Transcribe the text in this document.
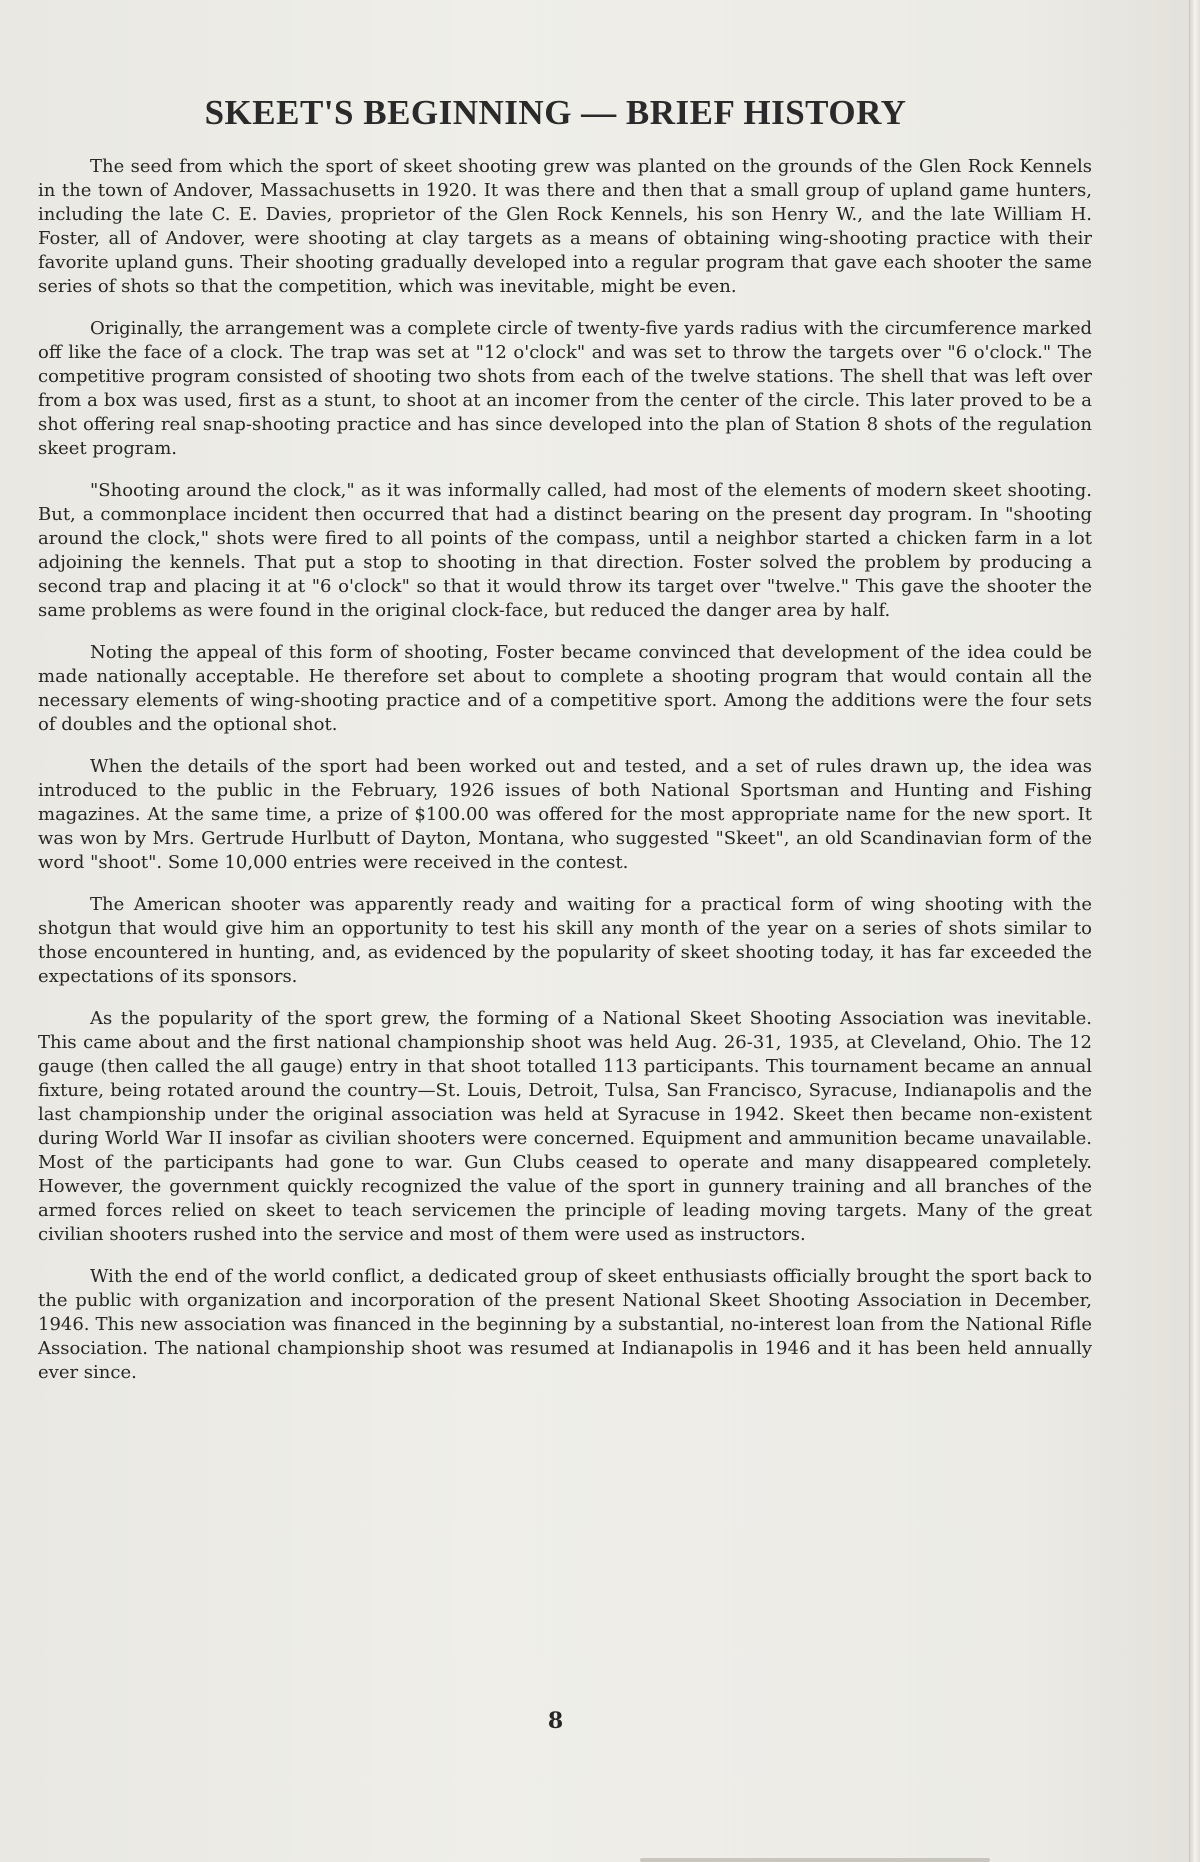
SKEET'S BEGINNING — BRIEF HISTORY

The seed from which the sport of skeet shooting grew was planted on the grounds of the Glen Rock Kennels in the town of Andover, Massachusetts in 1920. It was there and then that a small group of upland game hunters, including the late C. E. Davies, proprietor of the Glen Rock Kennels, his son Henry W., and the late William H. Foster, all of Andover, were shooting at clay targets as a means of obtaining wing-shooting practice with their favorite upland guns. Their shooting gradually developed into a regular program that gave each shooter the same series of shots so that the competition, which was inevitable, might be even.

Originally, the arrangement was a complete circle of twenty-five yards radius with the circumference marked off like the face of a clock. The trap was set at "12 o'clock" and was set to throw the targets over "6 o'clock." The competitive program consisted of shooting two shots from each of the twelve stations. The shell that was left over from a box was used, first as a stunt, to shoot at an incomer from the center of the circle. This later proved to be a shot offering real snap-shooting practice and has since developed into the plan of Station 8 shots of the regulation skeet program.

"Shooting around the clock," as it was informally called, had most of the elements of modern skeet shooting. But, a commonplace incident then occurred that had a distinct bearing on the present day program. In "shooting around the clock," shots were fired to all points of the compass, until a neighbor started a chicken farm in a lot adjoining the kennels. That put a stop to shooting in that direction. Foster solved the problem by producing a second trap and placing it at "6 o'clock" so that it would throw its target over "twelve." This gave the shooter the same problems as were found in the original clock-face, but reduced the danger area by half.

Noting the appeal of this form of shooting, Foster became convinced that development of the idea could be made nationally acceptable. He therefore set about to complete a shooting program that would contain all the necessary elements of wing-shooting practice and of a competitive sport. Among the additions were the four sets of doubles and the optional shot.

When the details of the sport had been worked out and tested, and a set of rules drawn up, the idea was introduced to the public in the February, 1926 issues of both National Sportsman and Hunting and Fishing magazines. At the same time, a prize of $100.00 was offered for the most appropriate name for the new sport. It was won by Mrs. Gertrude Hurlbutt of Dayton, Montana, who suggested "Skeet", an old Scandinavian form of the word "shoot". Some 10,000 entries were received in the contest.

The American shooter was apparently ready and waiting for a practical form of wing shooting with the shotgun that would give him an opportunity to test his skill any month of the year on a series of shots similar to those encountered in hunting, and, as evidenced by the popularity of skeet shooting today, it has far exceeded the expectations of its sponsors.

As the popularity of the sport grew, the forming of a National Skeet Shooting Association was inevitable. This came about and the first national championship shoot was held Aug. 26-31, 1935, at Cleveland, Ohio. The 12 gauge (then called the all gauge) entry in that shoot totalled 113 participants. This tournament became an annual fixture, being rotated around the country—St. Louis, Detroit, Tulsa, San Francisco, Syracuse, Indianapolis and the last championship under the original association was held at Syracuse in 1942. Skeet then became non-existent during World War II insofar as civilian shooters were concerned. Equipment and ammunition became unavailable. Most of the participants had gone to war. Gun Clubs ceased to operate and many disappeared completely. However, the government quickly recognized the value of the sport in gunnery training and all branches of the armed forces relied on skeet to teach servicemen the principle of leading moving targets. Many of the great civilian shooters rushed into the service and most of them were used as instructors.

With the end of the world conflict, a dedicated group of skeet enthusiasts officially brought the sport back to the public with organization and incorporation of the present National Skeet Shooting Association in December, 1946. This new association was financed in the beginning by a substantial, no-interest loan from the National Rifle Association. The national championship shoot was resumed at Indianapolis in 1946 and it has been held annually ever since.

8
